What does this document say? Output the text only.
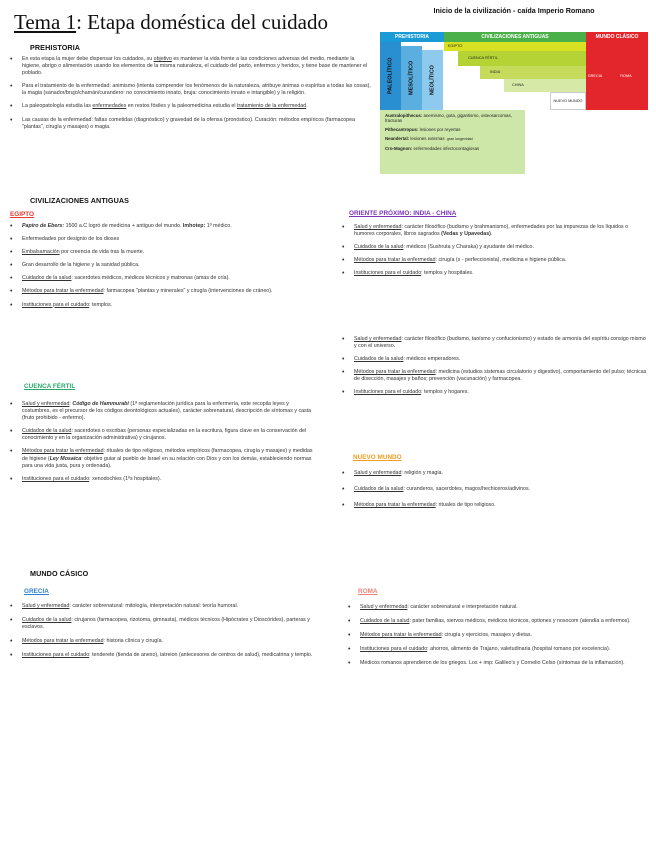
Tema 1: Etapa doméstica del cuidado	Inicio de la civilización - caída Imperio Romano
PREHISTORIA	CIVILIZACIONES ANTIGUAS	MUNDO CLÁSICO
PALEOLÍTICO	MESOLÍTICO	NEOLÍTICO
EGIPTO
CUENCA FÉRTIL
INDIA
CHINA
NUEVO MUNDO
GRECIA	ROMA

Australopithecus: anemismo, gota, gigantismo, osteosarcomas, fracturas

Pithecantropus: lesiones por reyertas

Neandertal: lesiones externas gran longevidad

Cro-Magnon: enfermedades infectocontagiosas

PREHISTORIA
• En esta etapa la mujer debe dispensar los cuidados, su objetivo es mantener la vida frente a las condiciones adversas del medio, mediante la higiene, abrigo o alimentación usando los elementos de la misma naturaleza, el cuidado del parto, enfermos y heridos, y tiene base de mantener el poblado.
• Para el tratamiento de la enfermedad: animismo (intenta comprender los fenómenos de la naturaleza, atribuye ánimas o espíritus a todas las cosas), la magia (sanador/brujo/chamán/curandero: no conocimiento innato, bruja: conocimiento innato e intangible) y la religión.
• La paleopatología estudia las enfermedades en restos fósiles y la paleomedicina estudia el tratamiento de la enfermedad.
• Las causas de la enfermedad: faltas cometidas (diagnóstico) y gravedad de la ofensa (pronóstico). Curación: métodos empíricos (farmacopea "plantas", cirugía y masajes) o magia.
CIVILIZACIONES ANTIGUAS
EGIPTO
• Papiro de Ebers: 1500 a.C logró de medicina + antiguo del mundo. Imhotep: 1º médico.
• Enfermedades por designio de los dioses
• Embalsamación por creencia de vida tras la muerte.
• Gran desarrollo de la higiene y la sanidad pública.
• Cuidados de la salud: sacerdotes médicos, médicos técnicos y matronas (amas de cría).
• Métodos para tratar la enfermedad: farmacopea "plantas y minerales" y cirugía (intervenciones de cráneo).
• Instituciones para el cuidado: templos.
CUENCA FÉRTIL
• Salud y enfermedad: Código de Hammurabi (1ª reglamentación jurídica para la enfermería, este recopila leyes y costumbres, es el precursor de los códigos deontológicos actuales), carácter sobrenatural, descripción de síntomas y casta (fruto prohibido - enfermo).
• Cuidados de la salud: sacerdotes o escribas (personas especializadas en la escritura, figura clave en la conservación del conocimiento y en la organización administrativa) y cirujanos.
• Métodos para tratar la enfermedad: rituales de tipo religioso, métodos empíricos (farmacopea, cirugía y masajes) y medidas de higiene (Ley Mosaica: objetivo guiar al pueblo de Israel en su relación con Dios y con los demás, estableciendo normas para una vida justa, pura y ordenada).
• Instituciones para el cuidado: xenodochies (1ºs hospitales).
ORIENTE PRÓXIMO: INDIA - CHINA
• Salud y enfermedad: carácter filosófico (budismo y brahmanismo), enfermedades por las impurezas de los líquidos o humores corporales, libros sagrados (Vedas y Upavedas).
• Cuidados de la salud: médicos (Sushruta y Charaka) y ayudante del médico.
• Métodos para tratar la enfermedad: cirugía (s - perfeccionista), medicina e higiene pública.
• Instituciones para el cuidado: templos y hospitales.
• Salud y enfermedad: carácter filosófico (budismo, taoísmo y confucionismo) y estado de armonía del espíritu consigo mismo y con el universo.
• Cuidados de la salud: médicos emperadores.
• Métodos para tratar la enfermedad: medicina (estudios sistemas circulatorio y digestivo), comportamiento del pulso; técnicas de disección, masajes y baños; prevención (vacunación) y farmacopea.
• Instituciones para el cuidado: templos y hogares.
NUEVO MUNDO
• Salud y enfermedad: religión y magia.
• Cuidados de la salud: curanderos, sacerdotes, magos/hechiceros/adivinos.
• Métodos para tratar la enfermedad: rituales de tipo religioso.
MUNDO CÁSICO
GRECIA
• Salud y enfermedad: carácter sobrenatural: mitología, interpretación natural: teoría humoral.
• Cuidados de la salud: cirujanos (farmacopea, rizotoma, gimnasta), médicos técnicos (Hipócrates y Dioscórides), parteras y esclavos.
• Métodos para tratar la enfermedad: historia clínica y cirugía.
• Instituciones para el cuidado: tenderete (tienda de anexo), iatreion (antecesores de centros de salud), medicatrina y templo.
ROMA
• Salud y enfermedad: carácter sobrenatural e interpretación natural.
• Cuidados de la salud: pater familias, siervos médicos, médicos técnicos, optiones y nosocom (atendía a enfermos).
• Métodos para tratar la enfermedad: cirugía y ejercicios, masajes y dietas.
• Instituciones para el cuidado: ahorros, alimento de Trajano, valetudinaria (hospital romano por excelencia).
• Médicos romanos aprendieron de los griegos. Los + imp: Galileo's y Cornelio Celso (síntomas de la inflamación).
